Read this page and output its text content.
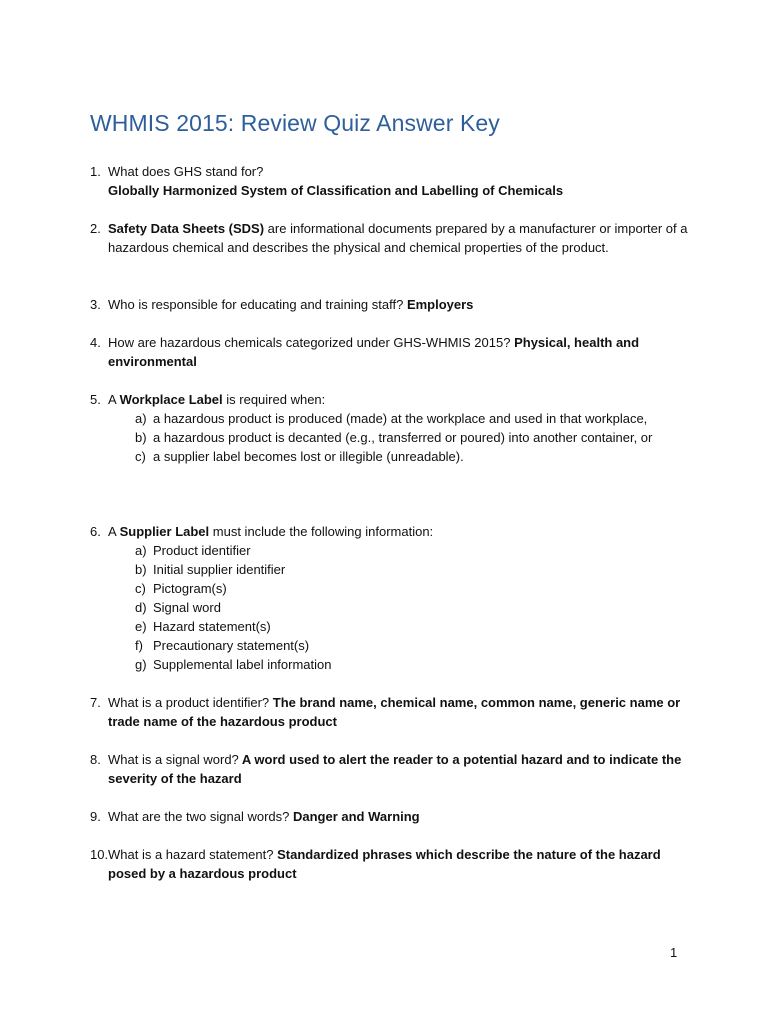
WHMIS 2015: Review Quiz Answer Key
1. What does GHS stand for?
Globally Harmonized System of Classification and Labelling of Chemicals
2. Safety Data Sheets (SDS) are informational documents prepared by a manufacturer or importer of a hazardous chemical and describes the physical and chemical properties of the product.
3. Who is responsible for educating and training staff? Employers
4. How are hazardous chemicals categorized under GHS-WHMIS 2015? Physical, health and environmental
5. A Workplace Label is required when:
a) a hazardous product is produced (made) at the workplace and used in that workplace,
b) a hazardous product is decanted (e.g., transferred or poured) into another container, or
c) a supplier label becomes lost or illegible (unreadable).
6. A Supplier Label must include the following information:
a) Product identifier
b) Initial supplier identifier
c) Pictogram(s)
d) Signal word
e) Hazard statement(s)
f) Precautionary statement(s)
g) Supplemental label information
7. What is a product identifier? The brand name, chemical name, common name, generic name or trade name of the hazardous product
8. What is a signal word? A word used to alert the reader to a potential hazard and to indicate the severity of the hazard
9. What are the two signal words? Danger and Warning
10. What is a hazard statement? Standardized phrases which describe the nature of the hazard posed by a hazardous product
1
